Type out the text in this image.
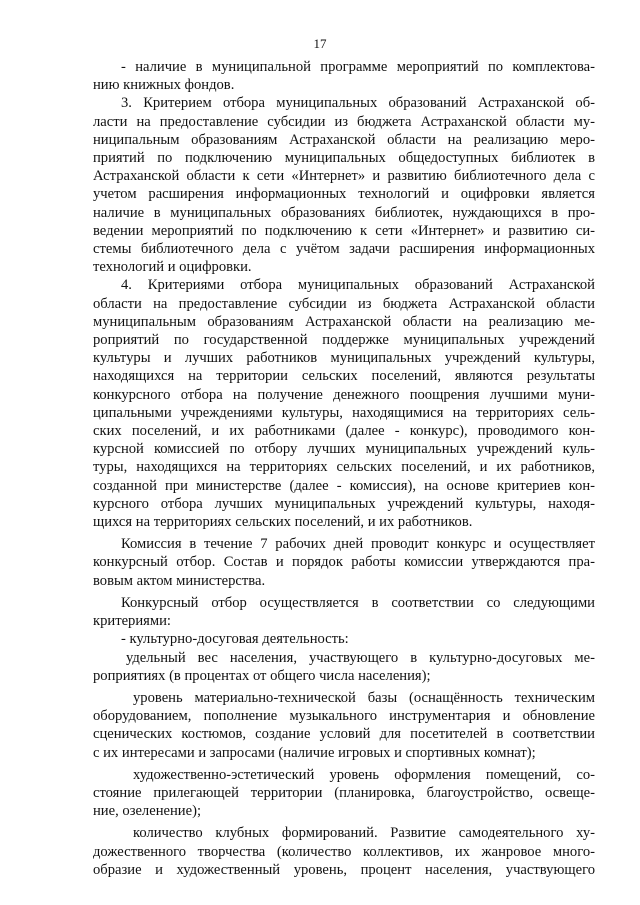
17
- наличие в муниципальной программе мероприятий по комплектова-
нию книжных фондов.
3. Критерием отбора муниципальных образований Астраханской об-
ласти на предоставление субсидии из бюджета Астраханской области му-
ниципальным образованиям Астраханской области на реализацию меро-
приятий по подключению муниципальных общедоступных библиотек в
Астраханской области к сети «Интернет» и развитию библиотечного дела с
учетом расширения информационных технологий и оцифровки является
наличие в муниципальных образованиях библиотек, нуждающихся в про-
ведении мероприятий по подключению к сети «Интернет» и развитию си-
стемы библиотечного дела с учётом задачи расширения информационных
технологий и оцифровки.
4. Критериями отбора муниципальных образований Астраханской
области на предоставление субсидии из бюджета Астраханской области
муниципальным образованиям Астраханской области на реализацию ме-
роприятий по государственной поддержке муниципальных учреждений
культуры и лучших работников муниципальных учреждений культуры,
находящихся на территории сельских поселений, являются результаты
конкурсного отбора на получение денежного поощрения лучшими муни-
ципальными учреждениями культуры, находящимися на территориях сель-
ских поселений, и их работниками (далее - конкурс), проводимого кон-
курсной комиссией по отбору лучших муниципальных учреждений куль-
туры, находящихся на территориях сельских поселений, и их работников,
созданной при министерстве (далее - комиссия), на основе критериев кон-
курсного отбора лучших муниципальных учреждений культуры, находя-
щихся на территориях сельских поселений, и их работников.
Комиссия в течение 7 рабочих дней проводит конкурс и осуществляет
конкурсный отбор. Состав и порядок работы комиссии утверждаются пра-
вовым актом министерства.
Конкурсный отбор осуществляется в соответствии со следующими
критериями:
- культурно-досуговая деятельность:
удельный вес населения, участвующего в культурно-досуговых ме-
роприятиях (в процентах от общего числа населения);
уровень материально-технической базы (оснащённость техническим
оборудованием, пополнение музыкального инструментария и обновление
сценических костюмов, создание условий для посетителей в соответствии
с их интересами и запросами (наличие игровых и спортивных комнат);
художественно-эстетический уровень оформления помещений, со-
стояние прилегающей территории (планировка, благоустройство, освеще-
ние, озеленение);
количество клубных формирований. Развитие самодеятельного ху-
дожественного творчества (количество коллективов, их жанровое много-
образие и художественный уровень, процент населения, участвующего
